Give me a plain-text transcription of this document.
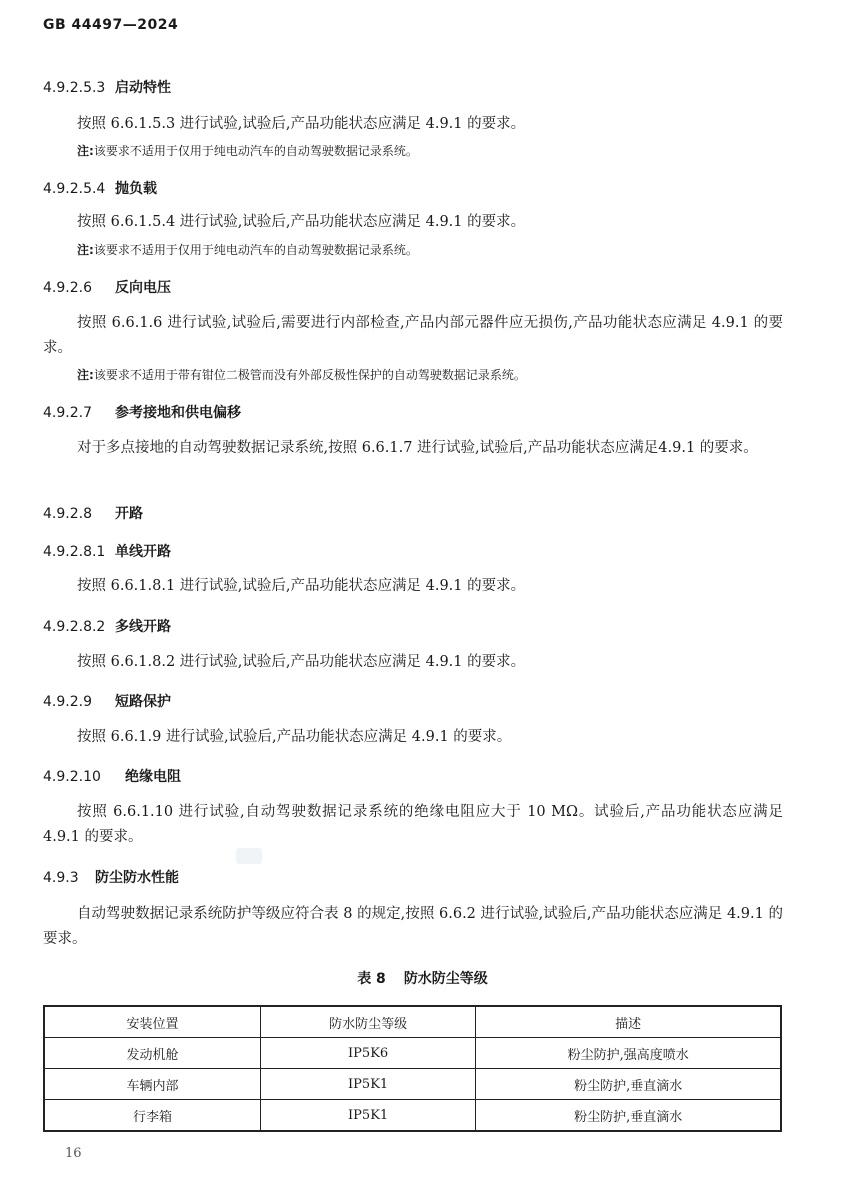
GB 44497—2024
4.9.2.5.3 启动特性
按照 6.6.1.5.3 进行试验,试验后,产品功能状态应满足 4.9.1 的要求。
注:该要求不适用于仅用于纯电动汽车的自动驾驶数据记录系统。
4.9.2.5.4 抛负载
按照 6.6.1.5.4 进行试验,试验后,产品功能状态应满足 4.9.1 的要求。
注:该要求不适用于仅用于纯电动汽车的自动驾驶数据记录系统。
4.9.2.6 反向电压
按照 6.6.1.6 进行试验,试验后,需要进行内部检查,产品内部元器件应无损伤,产品功能状态应满足 4.9.1 的要求。
注:该要求不适用于带有钳位二极管而没有外部反极性保护的自动驾驶数据记录系统。
4.9.2.7 参考接地和供电偏移
对于多点接地的自动驾驶数据记录系统,按照 6.6.1.7 进行试验,试验后,产品功能状态应满足4.9.1 的要求。
4.9.2.8 开路
4.9.2.8.1 单线开路
按照 6.6.1.8.1 进行试验,试验后,产品功能状态应满足 4.9.1 的要求。
4.9.2.8.2 多线开路
按照 6.6.1.8.2 进行试验,试验后,产品功能状态应满足 4.9.1 的要求。
4.9.2.9 短路保护
按照 6.6.1.9 进行试验,试验后,产品功能状态应满足 4.9.1 的要求。
4.9.2.10 绝缘电阻
按照 6.6.1.10 进行试验,自动驾驶数据记录系统的绝缘电阻应大于 10 MΩ。试验后,产品功能状态应满足 4.9.1 的要求。
4.9.3 防尘防水性能
自动驾驶数据记录系统防护等级应符合表 8 的规定,按照 6.6.2 进行试验,试验后,产品功能状态应满足 4.9.1 的要求。
表 8 防水防尘等级
安装位置	防水防尘等级	描述
发动机舱	IP5K6	粉尘防护,强高度喷水
车辆内部	IP5K1	粉尘防护,垂直滴水
行李箱	IP5K1	粉尘防护,垂直滴水
16
